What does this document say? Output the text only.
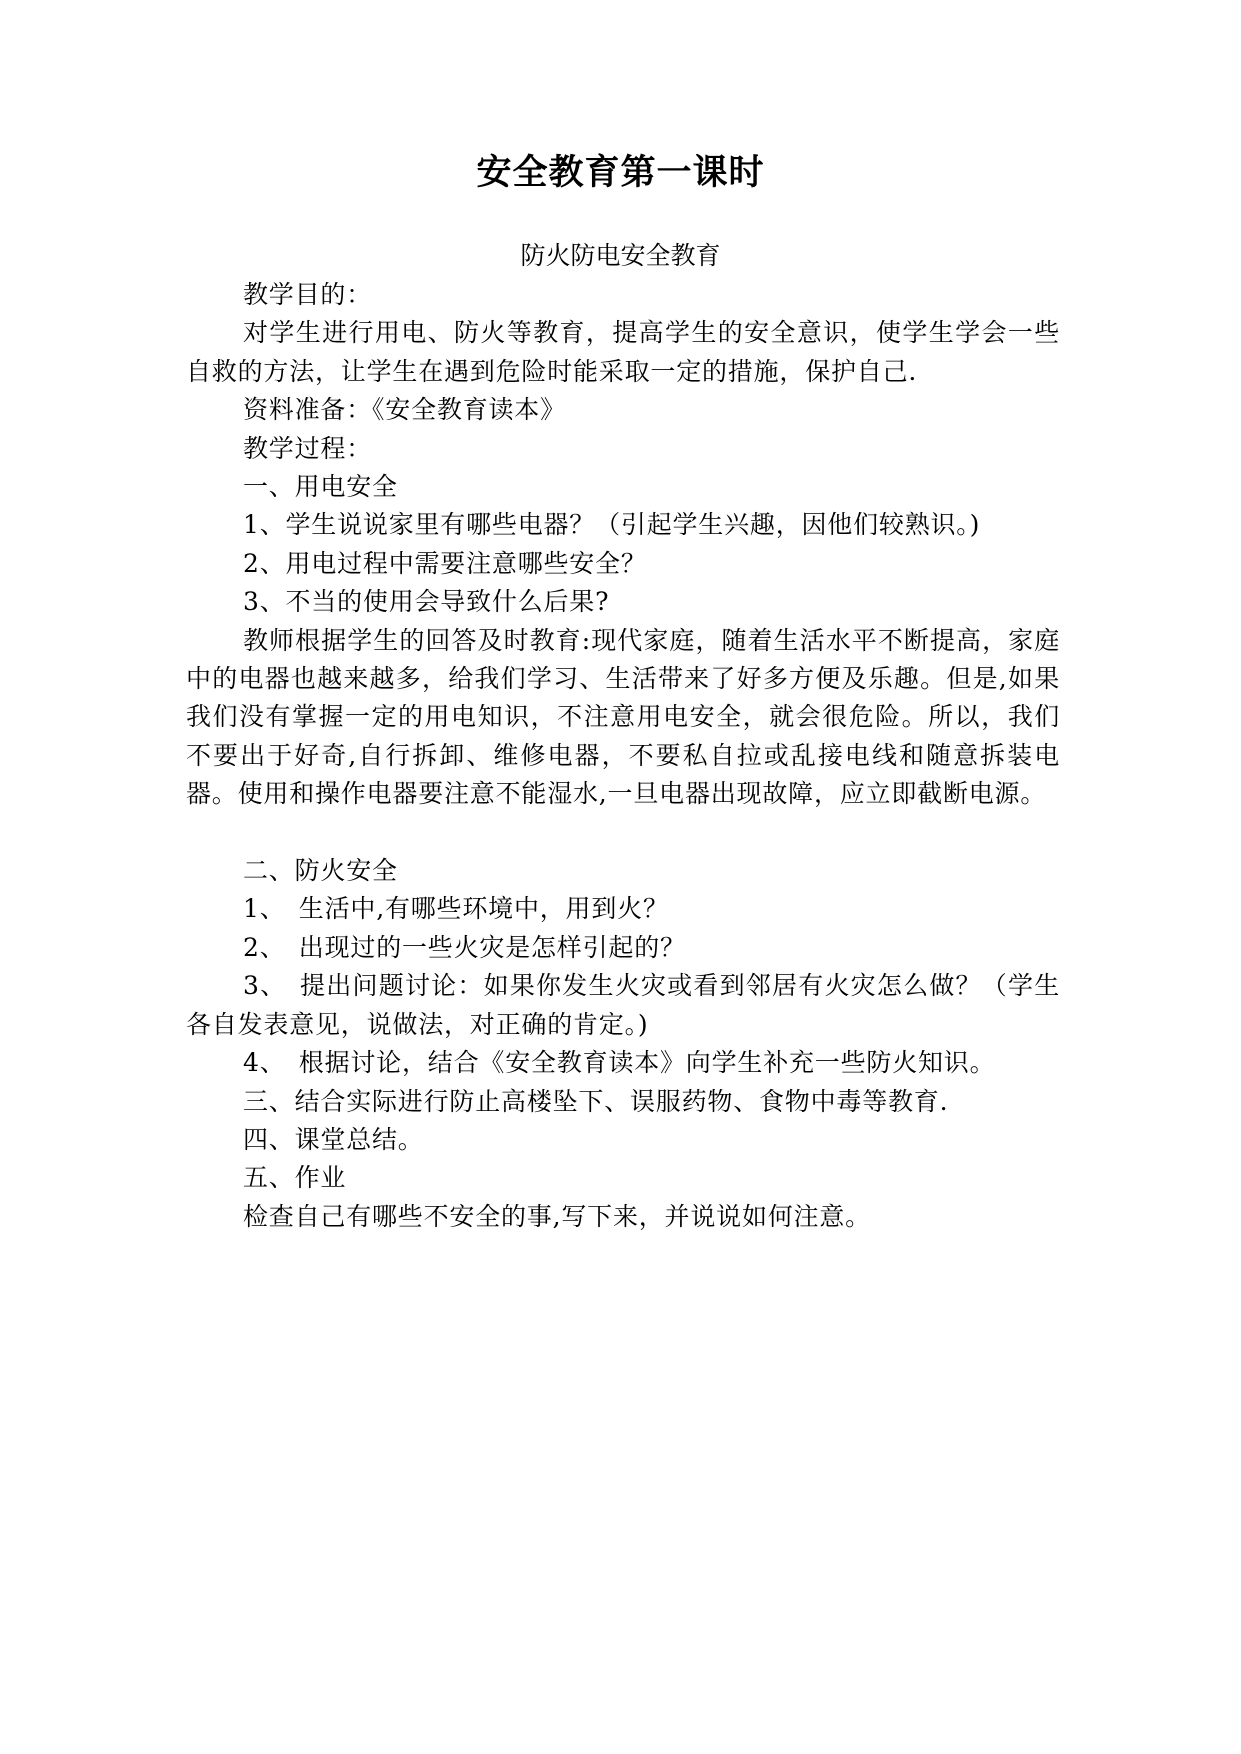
安全教育第一课时
防火防电安全教育

教学目的：

对学生进行用电、防火等教育，提高学生的安全意识，使学生学会一些自救的方法，让学生在遇到危险时能采取一定的措施，保护自己.

资料准备：《安全教育读本》

教学过程：

一、用电安全

1、学生说说家里有哪些电器？（引起学生兴趣，因他们较熟识。)

2、用电过程中需要注意哪些安全？

3、不当的使用会导致什么后果?

教师根据学生的回答及时教育:现代家庭，随着生活水平不断提高，家庭中的电器也越来越多，给我们学习、生活带来了好多方便及乐趣。但是,如果我们没有掌握一定的用电知识，不注意用电安全，就会很危险。所以，我们不要出于好奇,自行拆卸、维修电器，不要私自拉或乱接电线和随意拆装电器。使用和操作电器要注意不能湿水,一旦电器出现故障，应立即截断电源。

二、防火安全

1、　生活中,有哪些环境中，用到火？

2、　出现过的一些火灾是怎样引起的？

3、　提出问题讨论：如果你发生火灾或看到邻居有火灾怎么做？（学生各自发表意见，说做法，对正确的肯定。)

4、　根据讨论，结合《安全教育读本》向学生补充一些防火知识。

三、结合实际进行防止高楼坠下、误服药物、食物中毒等教育.

四、课堂总结。

五、作业

检查自己有哪些不安全的事,写下来，并说说如何注意。
